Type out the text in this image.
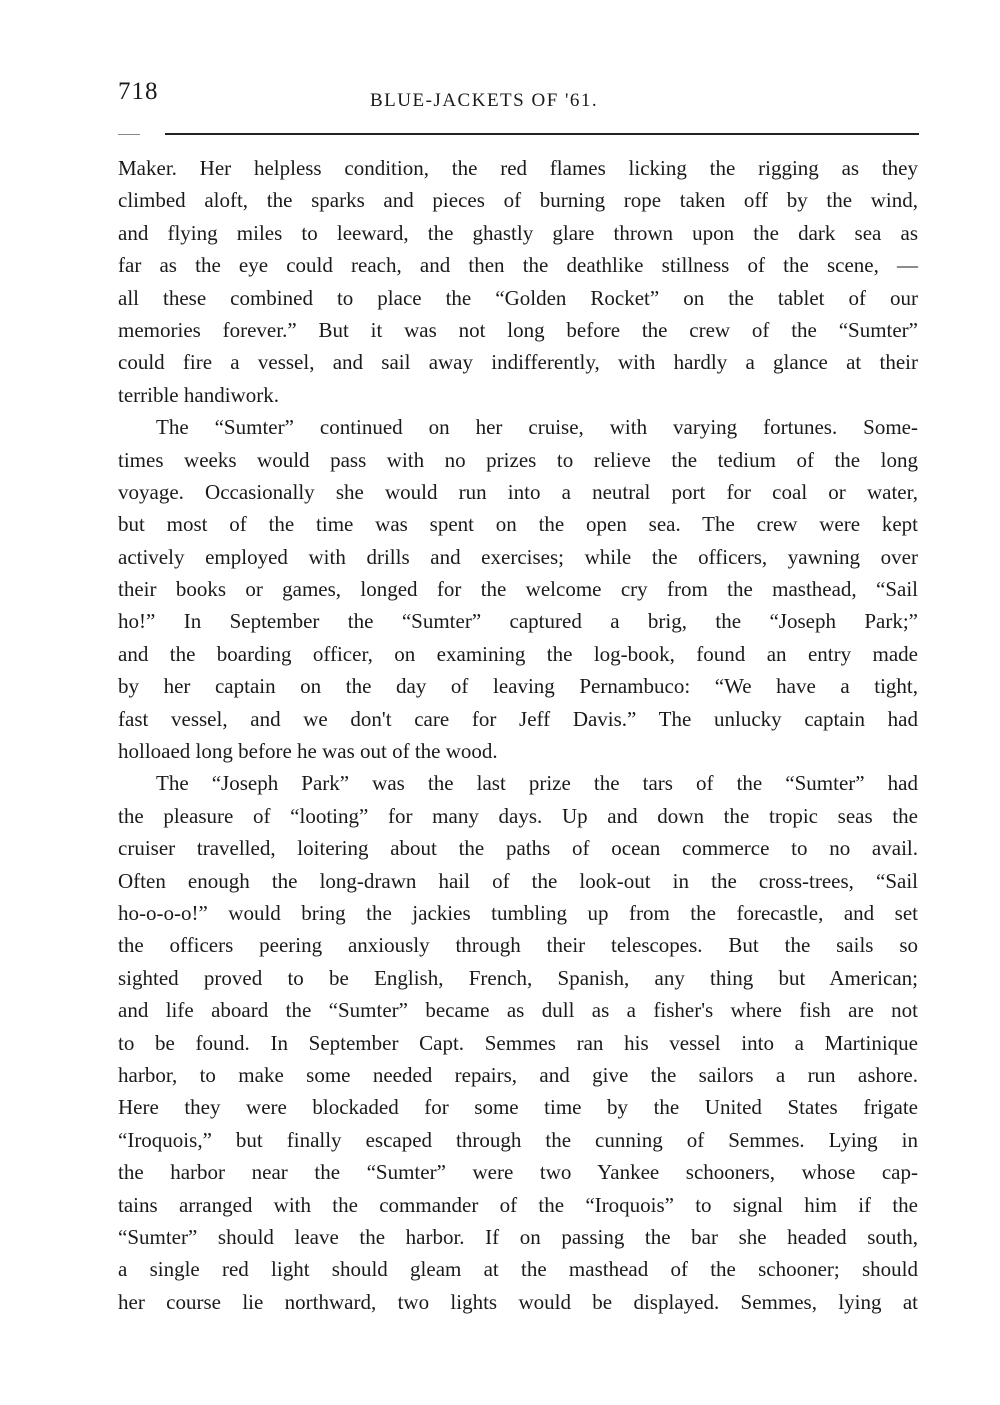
718	BLUE-JACKETS OF '61.
Maker. Her helpless condition, the red flames licking the rigging as they
climbed aloft, the sparks and pieces of burning rope taken off by the wind,
and flying miles to leeward, the ghastly glare thrown upon the dark sea as
far as the eye could reach, and then the deathlike stillness of the scene, —
all these combined to place the “Golden Rocket” on the tablet of our
memories forever.” But it was not long before the crew of the “Sumter”
could fire a vessel, and sail away indifferently, with hardly a glance at their
terrible handiwork.
The “Sumter” continued on her cruise, with varying fortunes. Some-
times weeks would pass with no prizes to relieve the tedium of the long
voyage. Occasionally she would run into a neutral port for coal or water,
but most of the time was spent on the open sea. The crew were kept
actively employed with drills and exercises; while the officers, yawning over
their books or games, longed for the welcome cry from the masthead, “Sail
ho!” In September the “Sumter” captured a brig, the “Joseph Park;”
and the boarding officer, on examining the log-book, found an entry made
by her captain on the day of leaving Pernambuco: “We have a tight,
fast vessel, and we don't care for Jeff Davis.” The unlucky captain had
holloaed long before he was out of the wood.
The “Joseph Park” was the last prize the tars of the “Sumter” had
the pleasure of “looting” for many days. Up and down the tropic seas the
cruiser travelled, loitering about the paths of ocean commerce to no avail.
Often enough the long-drawn hail of the look-out in the cross-trees, “Sail
ho-o-o-o!” would bring the jackies tumbling up from the forecastle, and set
the officers peering anxiously through their telescopes. But the sails so
sighted proved to be English, French, Spanish, any thing but American;
and life aboard the “Sumter” became as dull as a fisher's where fish are not
to be found. In September Capt. Semmes ran his vessel into a Martinique
harbor, to make some needed repairs, and give the sailors a run ashore.
Here they were blockaded for some time by the United States frigate
“Iroquois,” but finally escaped through the cunning of Semmes. Lying in
the harbor near the “Sumter” were two Yankee schooners, whose cap-
tains arranged with the commander of the “Iroquois” to signal him if the
“Sumter” should leave the harbor. If on passing the bar she headed south,
a single red light should gleam at the masthead of the schooner; should
her course lie northward, two lights would be displayed. Semmes, lying at
